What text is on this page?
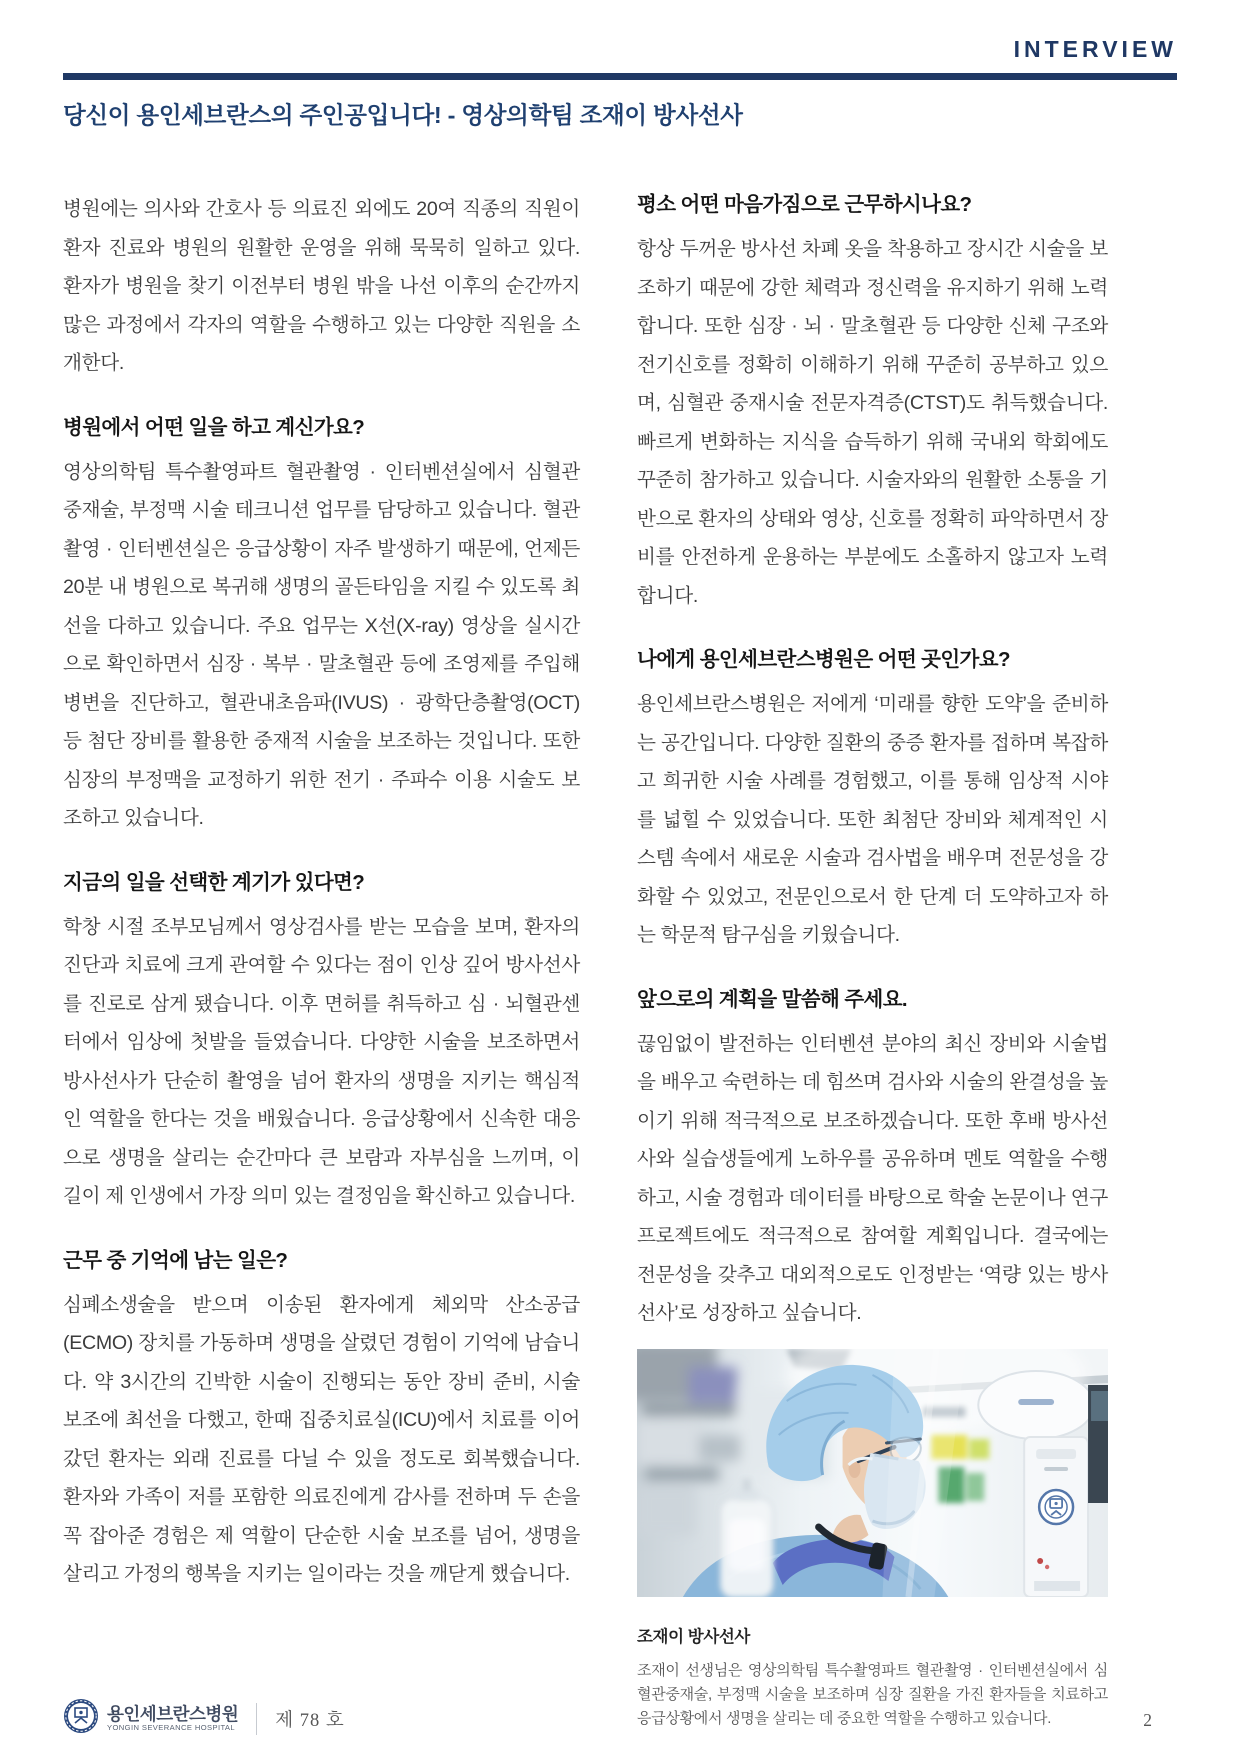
INTERVIEW
당신이 용인세브란스의 주인공입니다! - 영상의학팀 조재이 방사선사

병원에는 의사와 간호사 등 의료진 외에도 20여 직종의 직원이 환자 진료와 병원의 원활한 운영을 위해 묵묵히 일하고 있다. 환자가 병원을 찾기 이전부터 병원 밖을 나선 이후의 순간까지 많은 과정에서 각자의 역할을 수행하고 있는 다양한 직원을 소개한다.

병원에서 어떤 일을 하고 계신가요?

영상의학팀 특수촬영파트 혈관촬영 · 인터벤션실에서 심혈관 중재술, 부정맥 시술 테크니션 업무를 담당하고 있습니다. 혈관촬영 · 인터벤션실은 응급상황이 자주 발생하기 때문에, 언제든 20분 내 병원으로 복귀해 생명의 골든타임을 지킬 수 있도록 최선을 다하고 있습니다. 주요 업무는 X선(X-ray) 영상을 실시간으로 확인하면서 심장 · 복부 · 말초혈관 등에 조영제를 주입해 병변을 진단하고, 혈관내초음파(IVUS) · 광학단층촬영(OCT) 등 첨단 장비를 활용한 중재적 시술을 보조하는 것입니다. 또한 심장의 부정맥을 교정하기 위한 전기 · 주파수 이용 시술도 보조하고 있습니다.

지금의 일을 선택한 계기가 있다면?

학창 시절 조부모님께서 영상검사를 받는 모습을 보며, 환자의 진단과 치료에 크게 관여할 수 있다는 점이 인상 깊어 방사선사를 진로로 삼게 됐습니다. 이후 면허를 취득하고 심 · 뇌혈관센터에서 임상에 첫발을 들였습니다. 다양한 시술을 보조하면서 방사선사가 단순히 촬영을 넘어 환자의 생명을 지키는 핵심적인 역할을 한다는 것을 배웠습니다. 응급상황에서 신속한 대응으로 생명을 살리는 순간마다 큰 보람과 자부심을 느끼며, 이 길이 제 인생에서 가장 의미 있는 결정임을 확신하고 있습니다.

근무 중 기억에 남는 일은?

심폐소생술을 받으며 이송된 환자에게 체외막 산소공급(ECMO) 장치를 가동하며 생명을 살렸던 경험이 기억에 남습니다. 약 3시간의 긴박한 시술이 진행되는 동안 장비 준비, 시술 보조에 최선을 다했고, 한때 집중치료실(ICU)에서 치료를 이어갔던 환자는 외래 진료를 다닐 수 있을 정도로 회복했습니다. 환자와 가족이 저를 포함한 의료진에게 감사를 전하며 두 손을 꼭 잡아준 경험은 제 역할이 단순한 시술 보조를 넘어, 생명을 살리고 가정의 행복을 지키는 일이라는 것을 깨닫게 했습니다.

평소 어떤 마음가짐으로 근무하시나요?

항상 두꺼운 방사선 차폐 옷을 착용하고 장시간 시술을 보조하기 때문에 강한 체력과 정신력을 유지하기 위해 노력합니다. 또한 심장 · 뇌 · 말초혈관 등 다양한 신체 구조와 전기신호를 정확히 이해하기 위해 꾸준히 공부하고 있으며, 심혈관 중재시술 전문자격증(CTST)도 취득했습니다. 빠르게 변화하는 지식을 습득하기 위해 국내외 학회에도 꾸준히 참가하고 있습니다. 시술자와의 원활한 소통을 기반으로 환자의 상태와 영상, 신호를 정확히 파악하면서 장비를 안전하게 운용하는 부분에도 소홀하지 않고자 노력합니다.

나에게 용인세브란스병원은 어떤 곳인가요?

용인세브란스병원은 저에게 ‘미래를 향한 도약’을 준비하는 공간입니다. 다양한 질환의 중증 환자를 접하며 복잡하고 희귀한 시술 사례를 경험했고, 이를 통해 임상적 시야를 넓힐 수 있었습니다. 또한 최첨단 장비와 체계적인 시스템 속에서 새로운 시술과 검사법을 배우며 전문성을 강화할 수 있었고, 전문인으로서 한 단계 더 도약하고자 하는 학문적 탐구심을 키웠습니다.

앞으로의 계획을 말씀해 주세요.

끊임없이 발전하는 인터벤션 분야의 최신 장비와 시술법을 배우고 숙련하는 데 힘쓰며 검사와 시술의 완결성을 높이기 위해 적극적으로 보조하겠습니다. 또한 후배 방사선사와 실습생들에게 노하우를 공유하며 멘토 역할을 수행하고, 시술 경험과 데이터를 바탕으로 학술 논문이나 연구 프로젝트에도 적극적으로 참여할 계획입니다. 결국에는 전문성을 갖추고 대외적으로도 인정받는 ‘역량 있는 방사선사’로 성장하고 싶습니다.

조재이 방사선사

조재이 선생님은 영상의학팀 특수촬영파트 혈관촬영 · 인터벤션실에서 심혈관중재술, 부정맥 시술을 보조하며 심장 질환을 가진 환자들을 치료하고 응급상황에서 생명을 살리는 데 중요한 역할을 수행하고 있습니다.

용인세브란스병원
YONGIN SEVERANCE HOSPITAL 제 78 호	2
